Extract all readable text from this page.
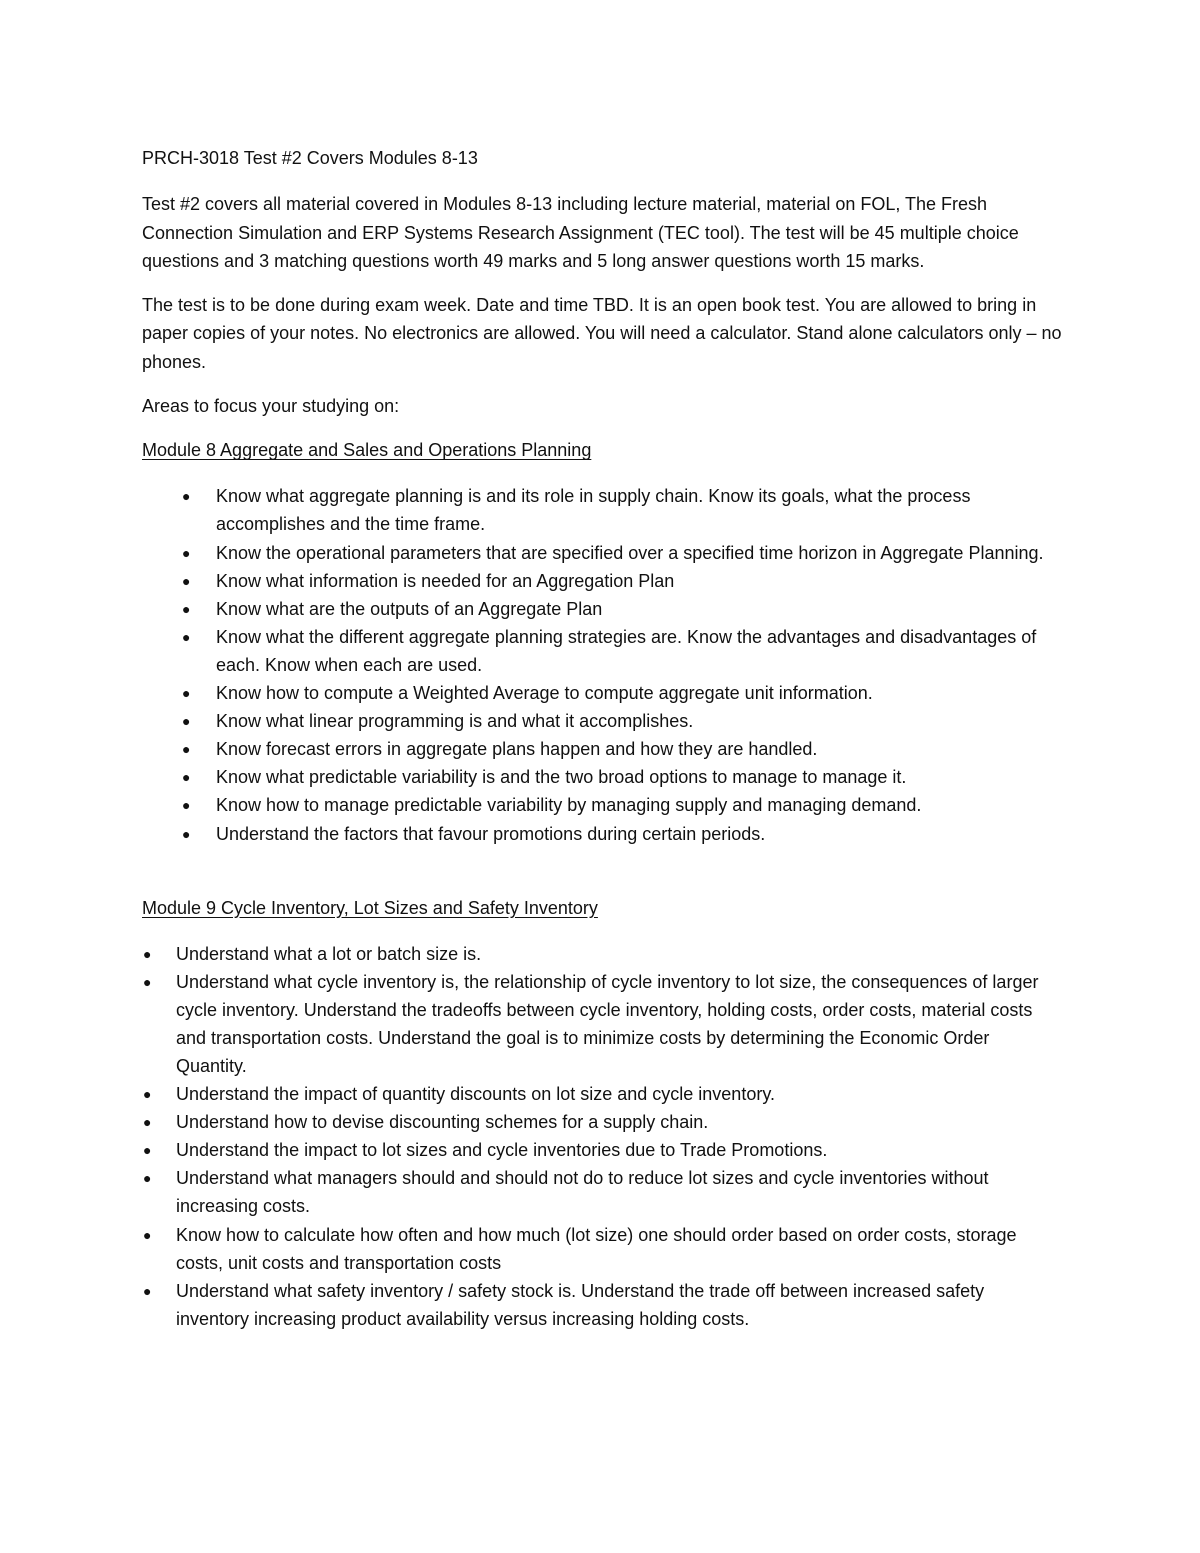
PRCH-3018 Test #2 Covers Modules 8-13

Test #2 covers all material covered in Modules 8-13 including lecture material, material on FOL, The Fresh Connection Simulation and ERP Systems Research Assignment (TEC tool). The test will be 45 multiple choice questions and 3 matching questions worth 49 marks and 5 long answer questions worth 15 marks.

The test is to be done during exam week. Date and time TBD. It is an open book test. You are allowed to bring in paper copies of your notes. No electronics are allowed. You will need a calculator. Stand alone calculators only – no phones.

Areas to focus your studying on:

Module 8 Aggregate and Sales and Operations Planning

● Know what aggregate planning is and its role in supply chain. Know its goals, what the process accomplishes and the time frame.
● Know the operational parameters that are specified over a specified time horizon in Aggregate Planning.
● Know what information is needed for an Aggregation Plan
● Know what are the outputs of an Aggregate Plan
● Know what the different aggregate planning strategies are. Know the advantages and disadvantages of each. Know when each are used.
● Know how to compute a Weighted Average to compute aggregate unit information.
● Know what linear programming is and what it accomplishes.
● Know forecast errors in aggregate plans happen and how they are handled.
● Know what predictable variability is and the two broad options to manage to manage it.
● Know how to manage predictable variability by managing supply and managing demand.
● Understand the factors that favour promotions during certain periods.

Module 9 Cycle Inventory, Lot Sizes and Safety Inventory

● Understand what a lot or batch size is.
● Understand what cycle inventory is, the relationship of cycle inventory to lot size, the consequences of larger cycle inventory. Understand the tradeoffs between cycle inventory, holding costs, order costs, material costs and transportation costs. Understand the goal is to minimize costs by determining the Economic Order Quantity.
● Understand the impact of quantity discounts on lot size and cycle inventory.
● Understand how to devise discounting schemes for a supply chain.
● Understand the impact to lot sizes and cycle inventories due to Trade Promotions.
● Understand what managers should and should not do to reduce lot sizes and cycle inventories without increasing costs.
● Know how to calculate how often and how much (lot size) one should order based on order costs, storage costs, unit costs and transportation costs
● Understand what safety inventory / safety stock is. Understand the trade off between increased safety inventory increasing product availability versus increasing holding costs.
